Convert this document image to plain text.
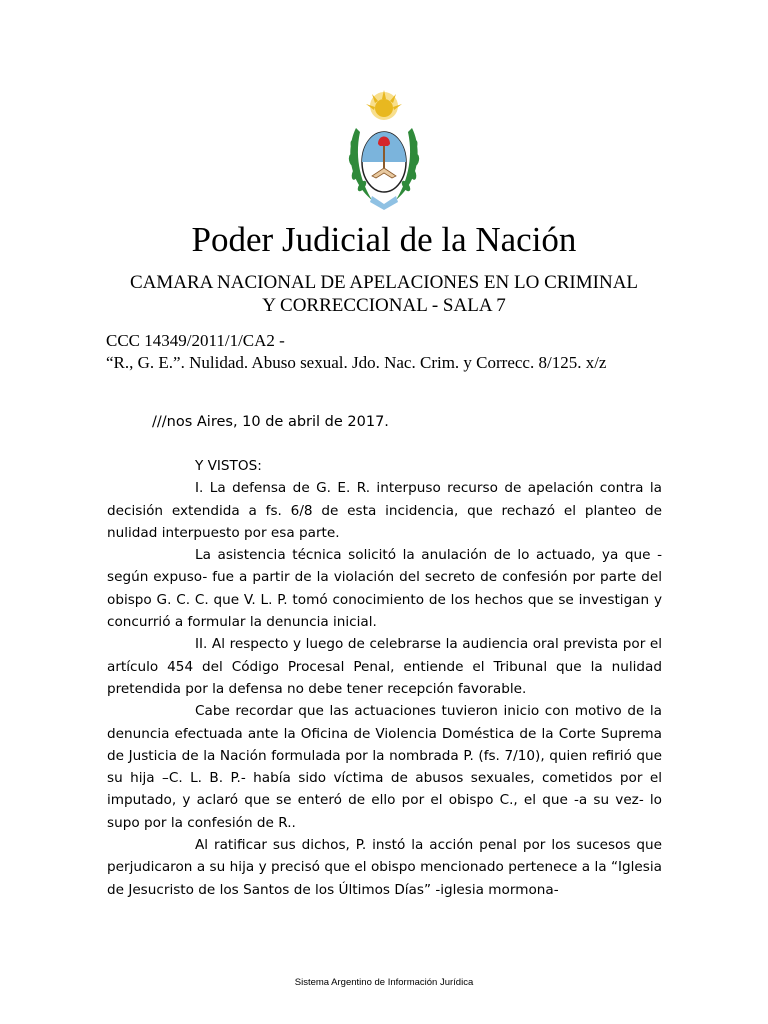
Poder Judicial de la Nación
CAMARA NACIONAL DE APELACIONES EN LO CRIMINAL
Y CORRECCIONAL - SALA 7
CCC 14349/2011/1/CA2 -
“R., G. E.”. Nulidad. Abuso sexual. Jdo. Nac. Crim. y Correcc. 8/125. x/z
///nos Aires, 10 de abril de 2017.

Y VISTOS:

I. La defensa de G. E. R. interpuso recurso de apelación contra la decisión extendida a fs. 6/8 de esta incidencia, que rechazó el planteo de nulidad interpuesto por esa parte.

La asistencia técnica solicitó la anulación de lo actuado, ya que -según expuso- fue a partir de la violación del secreto de confesión por parte del obispo G. C. C. que V. L. P. tomó conocimiento de los hechos que se investigan y concurrió a formular la denuncia inicial.

II. Al respecto y luego de celebrarse la audiencia oral prevista por el artículo 454 del Código Procesal Penal, entiende el Tribunal que la nulidad pretendida por la defensa no debe tener recepción favorable.

Cabe recordar que las actuaciones tuvieron inicio con motivo de la denuncia efectuada ante la Oficina de Violencia Doméstica de la Corte Suprema de Justicia de la Nación formulada por la nombrada P. (fs. 7/10), quien refirió que su hija –C. L. B. P.- había sido víctima de abusos sexuales, cometidos por el imputado, y aclaró que se enteró de ello por el obispo C., el que -a su vez- lo supo por la confesión de R..

Al ratificar sus dichos, P. instó la acción penal por los sucesos que perjudicaron a su hija y precisó que el obispo mencionado pertenece a la “Iglesia de Jesucristo de los Santos de los Últimos Días” -iglesia mormona-

Sistema Argentino de Información Jurídica
